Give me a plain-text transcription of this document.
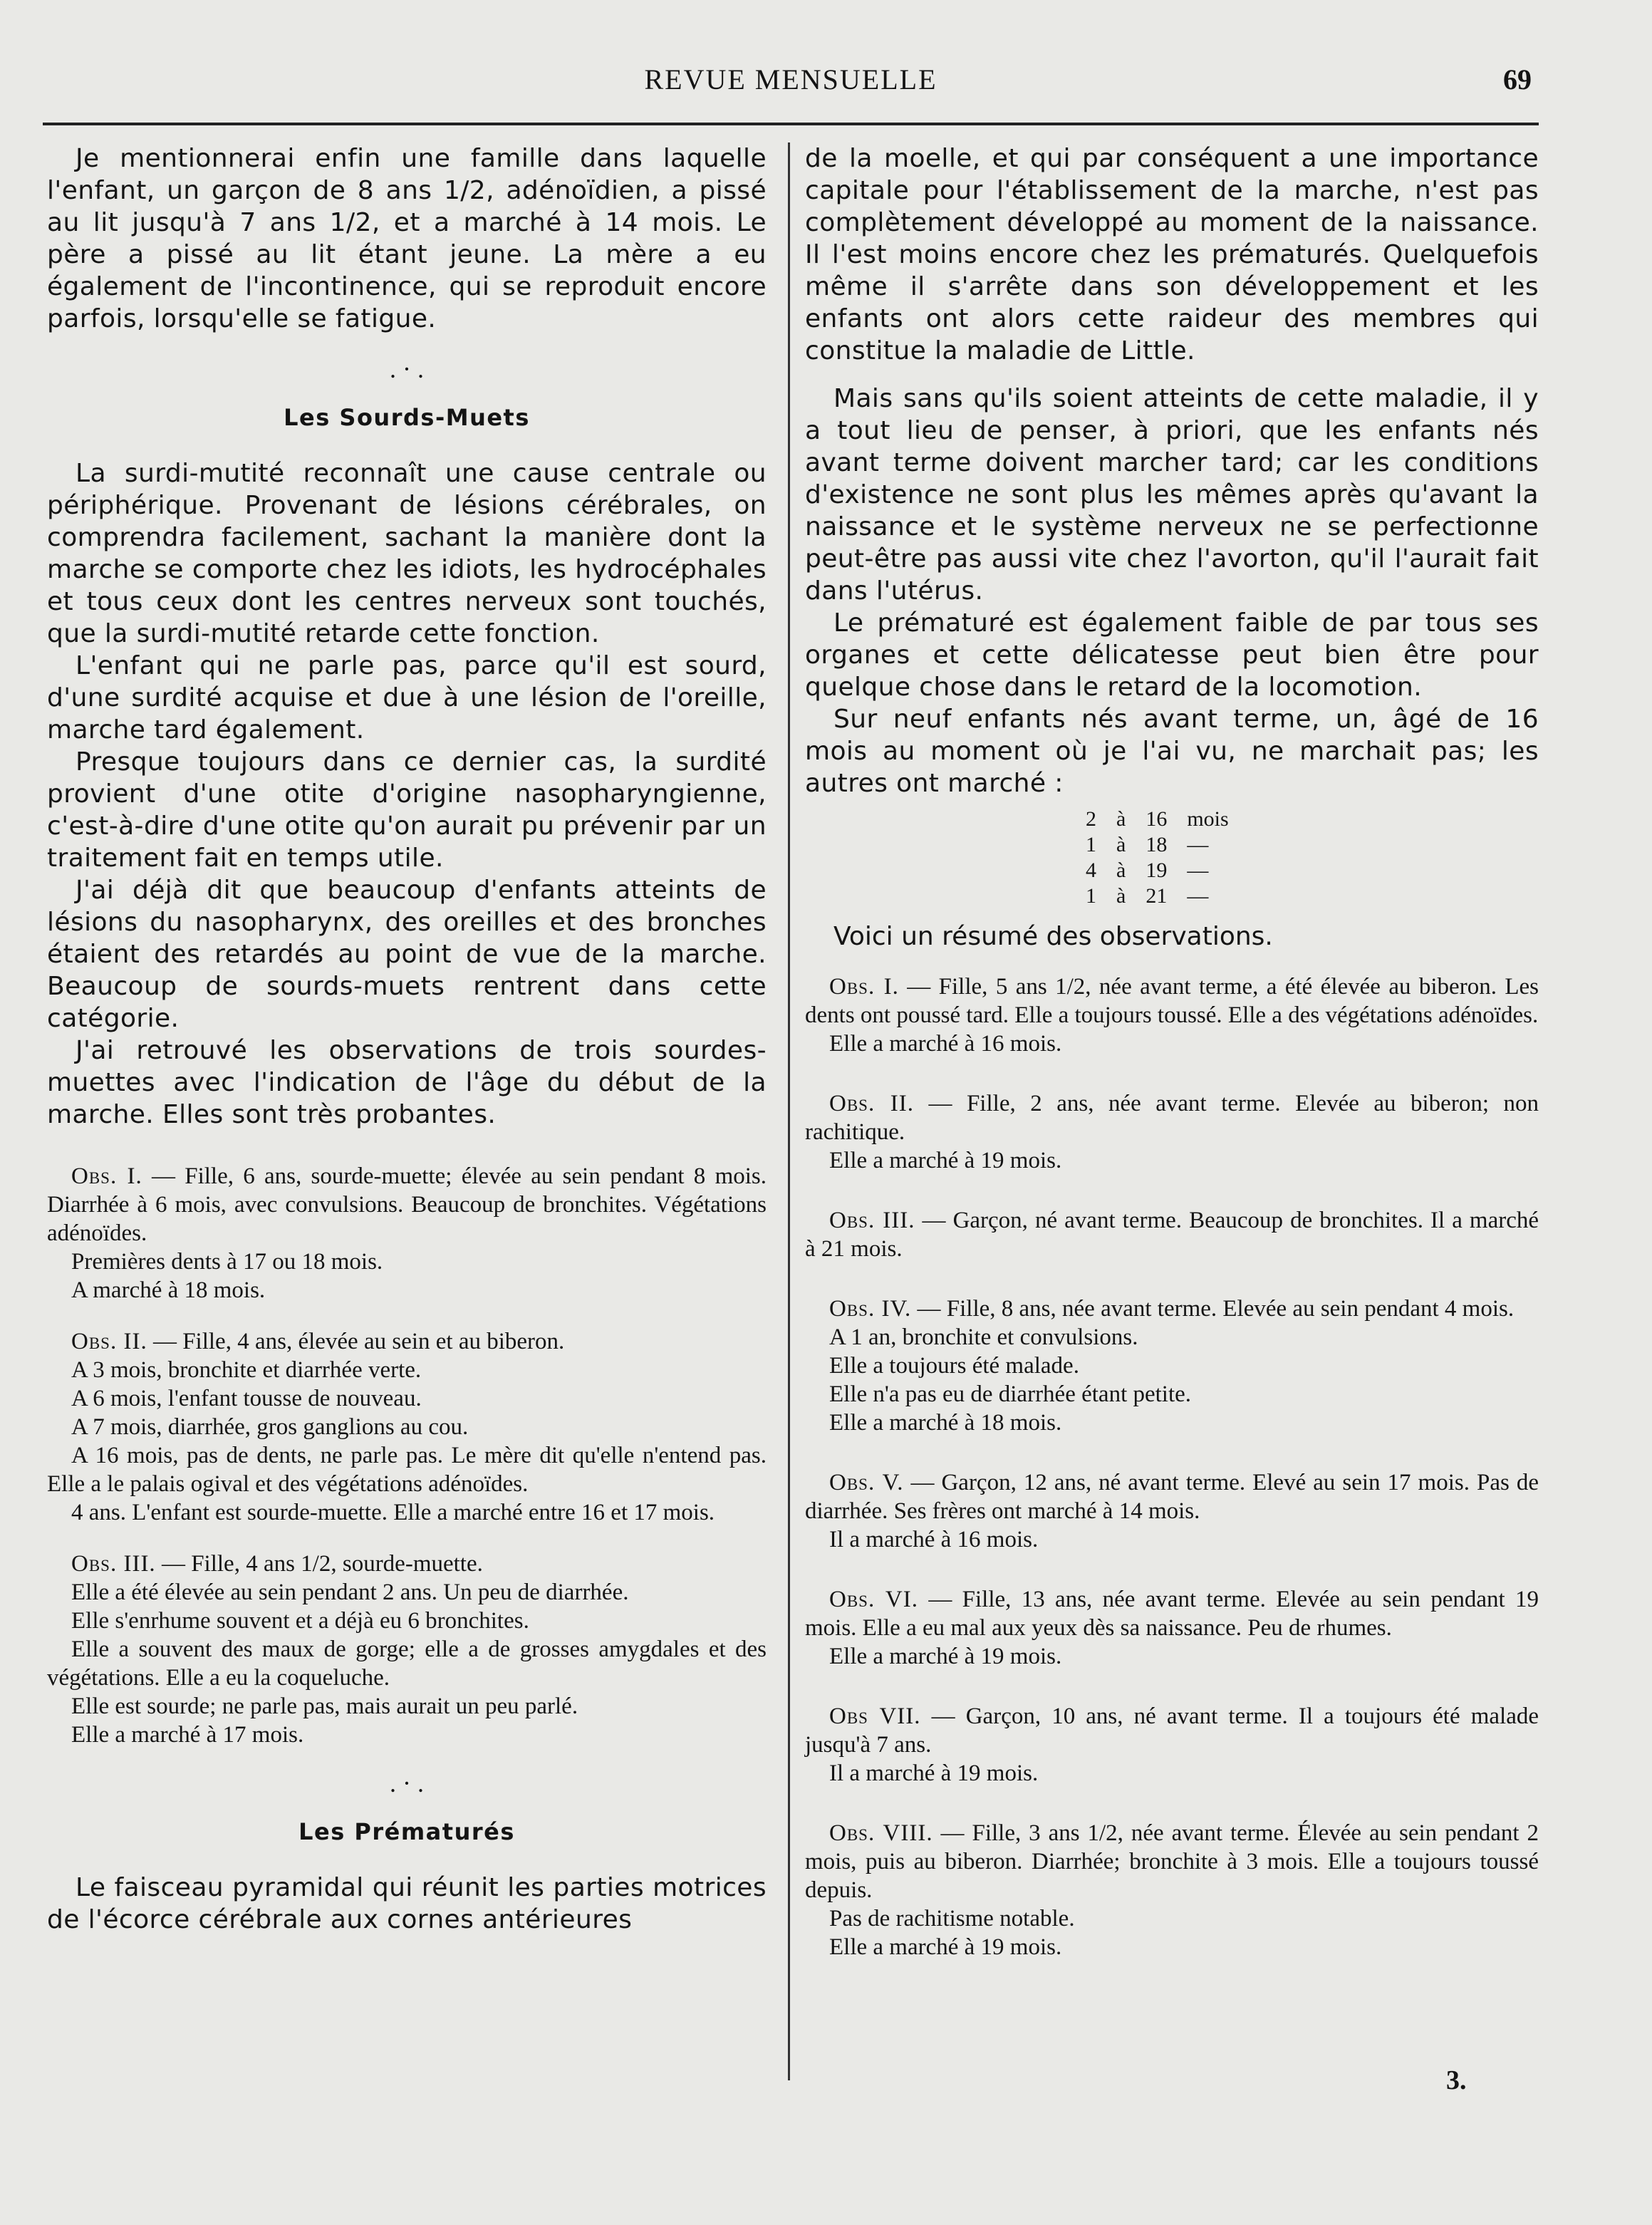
REVUE MENSUELLE	69

Je mentionnerai enfin une famille dans laquelle l'enfant, un garçon de 8 ans 1/2, adénoïdien, a pissé au lit jusqu'à 7 ans 1/2, et a marché à 14 mois. Le père a pissé au lit étant jeune. La mère a eu également de l'incontinence, qui se reproduit encore parfois, lorsqu'elle se fatigue.

. · .
Les Sourds-Muets

La surdi-mutité reconnaît une cause centrale ou périphérique. Provenant de lésions cérébrales, on comprendra facilement, sachant la manière dont la marche se comporte chez les idiots, les hydrocéphales et tous ceux dont les centres nerveux sont touchés, que la surdi-mutité retarde cette fonction.

L'enfant qui ne parle pas, parce qu'il est sourd, d'une surdité acquise et due à une lésion de l'oreille, marche tard également.

Presque toujours dans ce dernier cas, la surdité provient d'une otite d'origine nasopharyngienne, c'est-à-dire d'une otite qu'on aurait pu prévenir par un traitement fait en temps utile.

J'ai déjà dit que beaucoup d'enfants atteints de lésions du nasopharynx, des oreilles et des bronches étaient des retardés au point de vue de la marche. Beaucoup de sourds-muets rentrent dans cette catégorie.

J'ai retrouvé les observations de trois sourdes-muettes avec l'indication de l'âge du début de la marche. Elles sont très probantes.

Obs. I. — Fille, 6 ans, sourde-muette; élevée au sein pendant 8 mois. Diarrhée à 6 mois, avec convulsions. Beaucoup de bronchites. Végétations adénoïdes.

Premières dents à 17 ou 18 mois.

A marché à 18 mois.

Obs. II. — Fille, 4 ans, élevée au sein et au biberon.

A 3 mois, bronchite et diarrhée verte.

A 6 mois, l'enfant tousse de nouveau.

A 7 mois, diarrhée, gros ganglions au cou.

A 16 mois, pas de dents, ne parle pas. Le mère dit qu'elle n'entend pas. Elle a le palais ogival et des végétations adénoïdes.

4 ans. L'enfant est sourde-muette. Elle a marché entre 16 et 17 mois.

Obs. III. — Fille, 4 ans 1/2, sourde-muette.

Elle a été élevée au sein pendant 2 ans. Un peu de diarrhée.

Elle s'enrhume souvent et a déjà eu 6 bronchites.

Elle a souvent des maux de gorge; elle a de grosses amygdales et des végétations. Elle a eu la coqueluche.

Elle est sourde; ne parle pas, mais aurait un peu parlé.

Elle a marché à 17 mois.

. · .
Les Prématurés

Le faisceau pyramidal qui réunit les parties motrices de l'écorce cérébrale aux cornes antérieures

de la moelle, et qui par conséquent a une importance capitale pour l'établissement de la marche, n'est pas complètement développé au moment de la naissance. Il l'est moins encore chez les prématurés. Quelquefois même il s'arrête dans son développement et les enfants ont alors cette raideur des membres qui constitue la maladie de Little.

Mais sans qu'ils soient atteints de cette maladie, il y a tout lieu de penser, à priori, que les enfants nés avant terme doivent marcher tard; car les conditions d'existence ne sont plus les mêmes après qu'avant la naissance et le système nerveux ne se perfectionne peut-être pas aussi vite chez l'avorton, qu'il l'aurait fait dans l'utérus.

Le prématuré est également faible de par tous ses organes et cette délicatesse peut bien être pour quelque chose dans le retard de la locomotion.

Sur neuf enfants nés avant terme, un, âgé de 16 mois au moment où je l'ai vu, ne marchait pas; les autres ont marché :

2	à	16	mois
1	à	18	—
4	à	19	—
1	à	21	—

Voici un résumé des observations.

Obs. I. — Fille, 5 ans 1/2, née avant terme, a été élevée au biberon. Les dents ont poussé tard. Elle a toujours toussé. Elle a des végétations adénoïdes.

Elle a marché à 16 mois.

Obs. II. — Fille, 2 ans, née avant terme. Elevée au biberon; non rachitique.

Elle a marché à 19 mois.

Obs. III. — Garçon, né avant terme. Beaucoup de bronchites. Il a marché à 21 mois.

Obs. IV. — Fille, 8 ans, née avant terme. Elevée au sein pendant 4 mois.

A 1 an, bronchite et convulsions.

Elle a toujours été malade.

Elle n'a pas eu de diarrhée étant petite.

Elle a marché à 18 mois.

Obs. V. — Garçon, 12 ans, né avant terme. Elevé au sein 17 mois. Pas de diarrhée. Ses frères ont marché à 14 mois.

Il a marché à 16 mois.

Obs. VI. — Fille, 13 ans, née avant terme. Elevée au sein pendant 19 mois. Elle a eu mal aux yeux dès sa naissance. Peu de rhumes.

Elle a marché à 19 mois.

Obs VII. — Garçon, 10 ans, né avant terme. Il a toujours été malade jusqu'à 7 ans.

Il a marché à 19 mois.

Obs. VIII. — Fille, 3 ans 1/2, née avant terme. Élevée au sein pendant 2 mois, puis au biberon. Diarrhée; bronchite à 3 mois. Elle a toujours toussé depuis.

Pas de rachitisme notable.

Elle a marché à 19 mois.

3.
